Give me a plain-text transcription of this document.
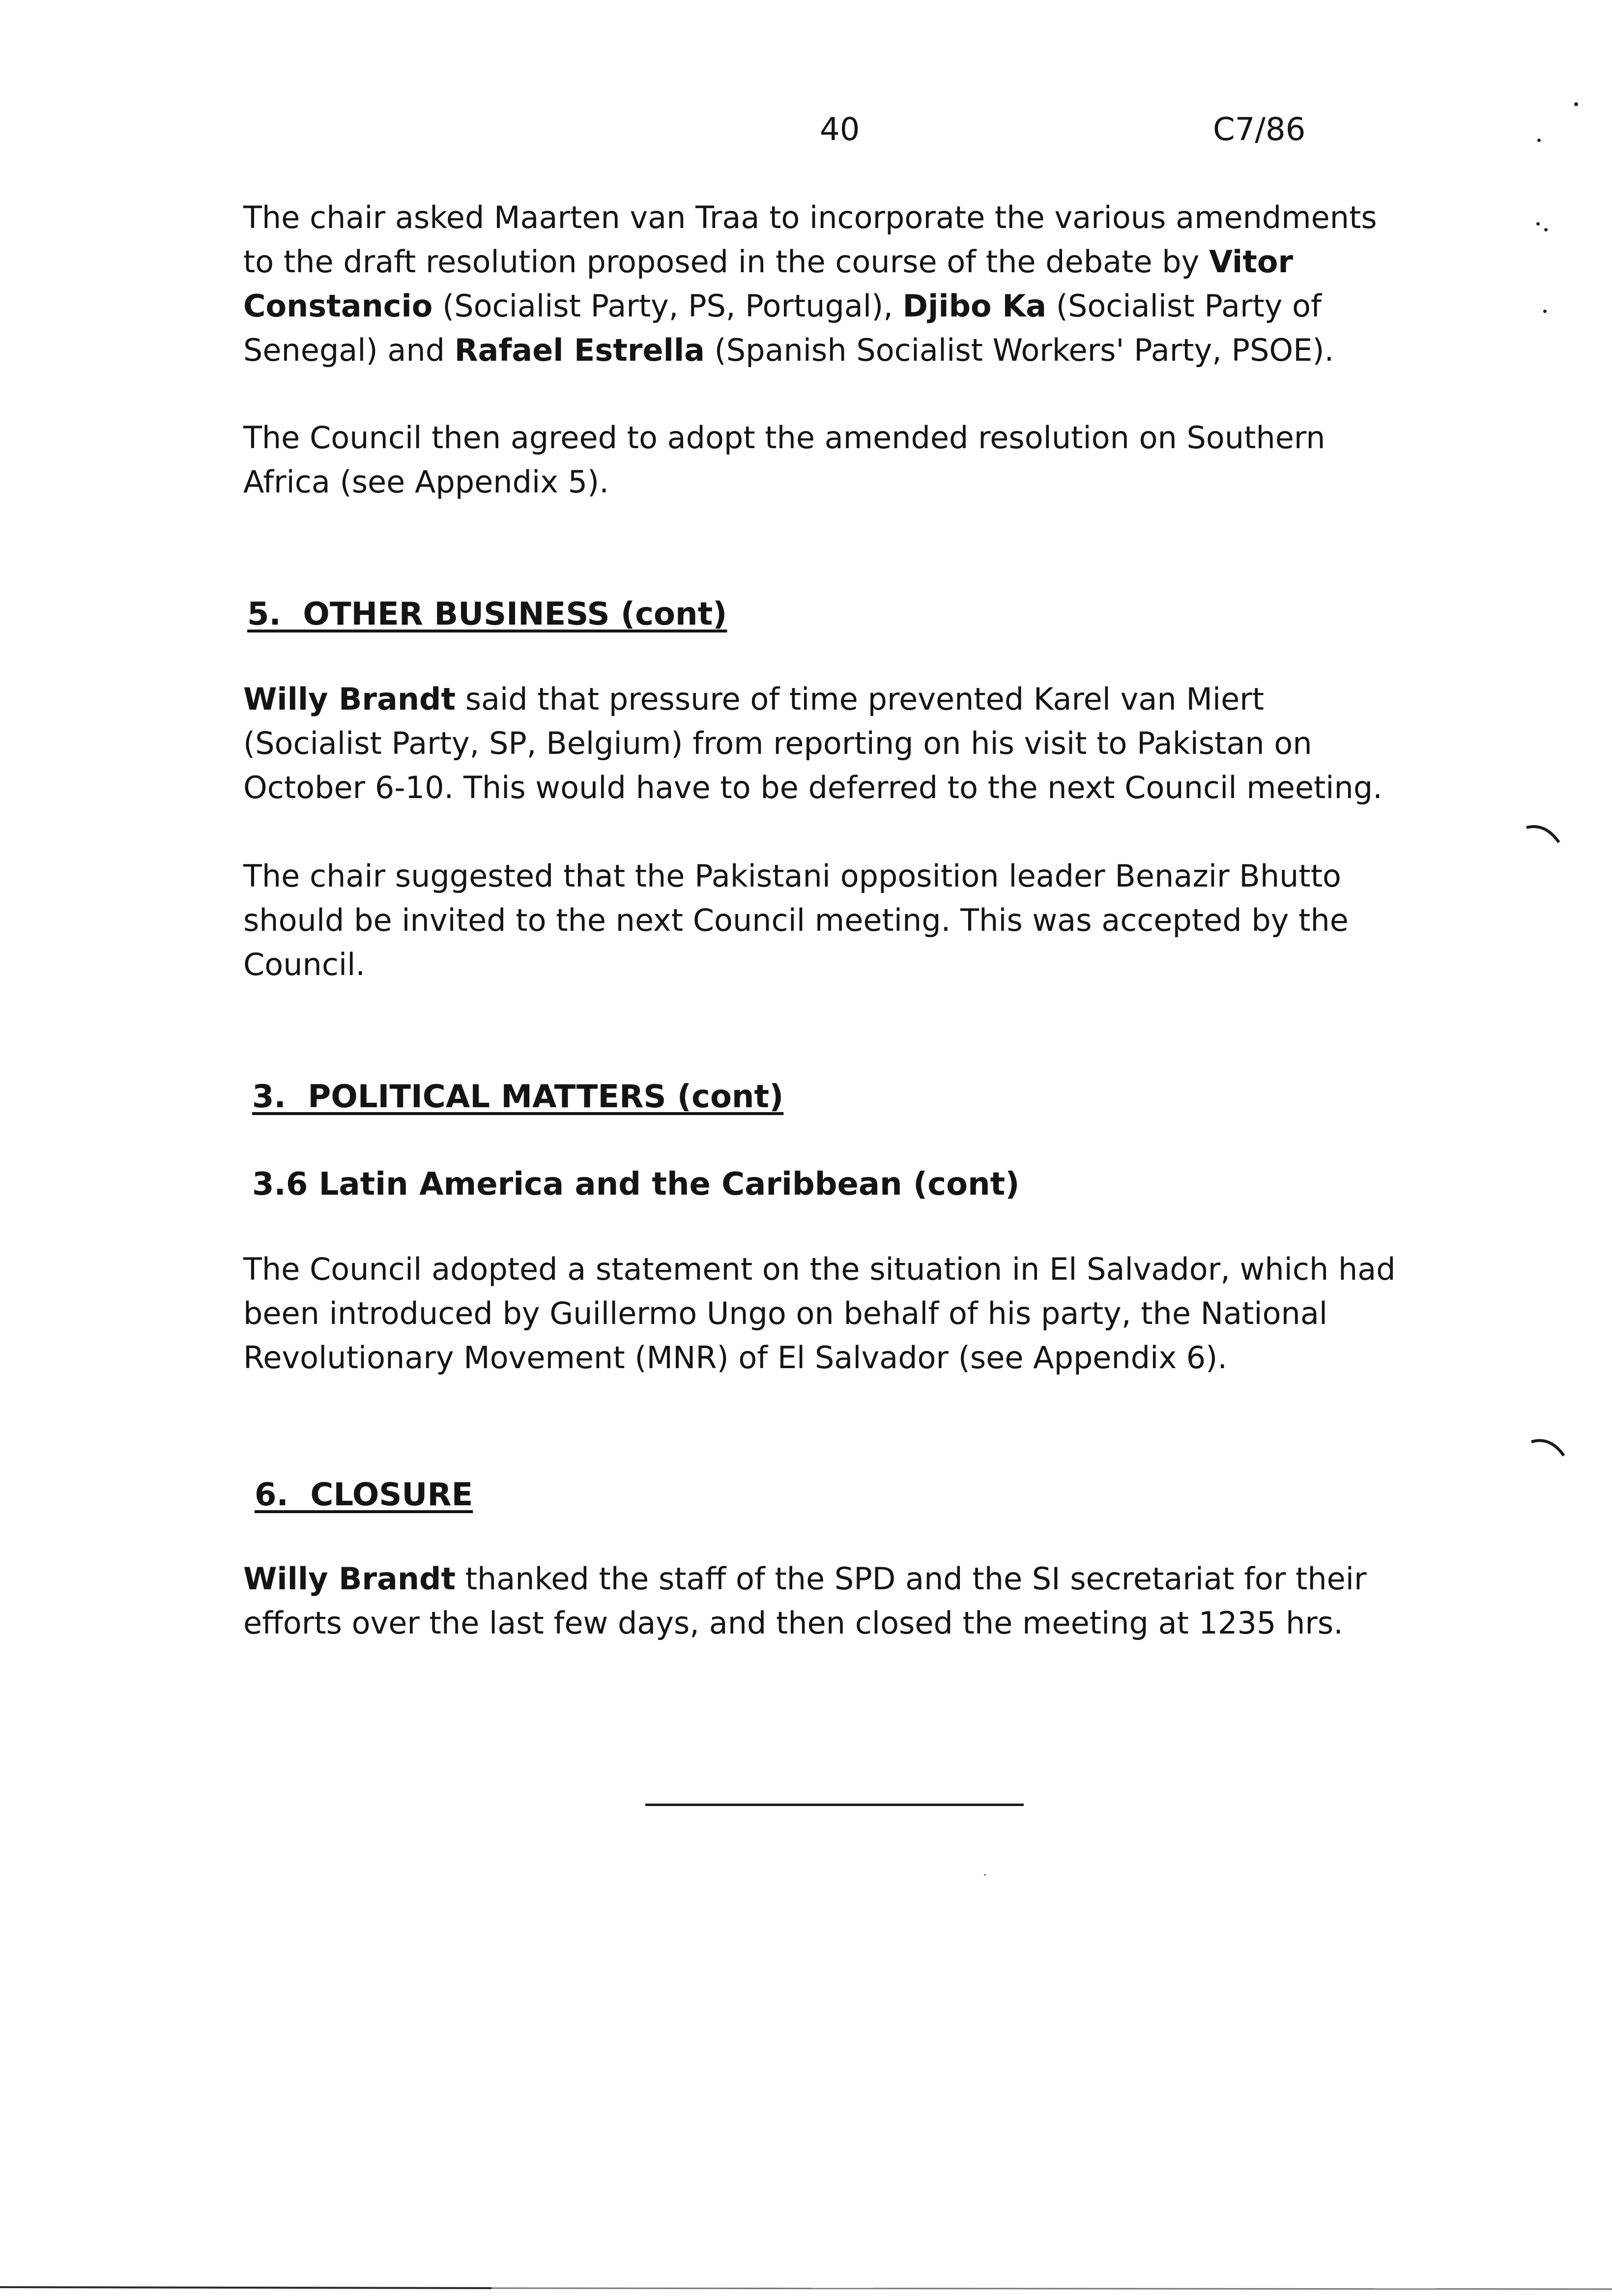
40	C7/86
The chair asked Maarten van Traa to incorporate the various amendments
to the draft resolution proposed in the course of the debate by Vitor
Constancio (Socialist Party, PS, Portugal), Djibo Ka (Socialist Party of
Senegal) and Rafael Estrella (Spanish Socialist Workers' Party, PSOE).
The Council then agreed to adopt the amended resolution on Southern
Africa (see Appendix 5).
5.  OTHER BUSINESS (cont)
Willy Brandt said that pressure of time prevented Karel van Miert
(Socialist Party, SP, Belgium) from reporting on his visit to Pakistan on
October 6-10. This would have to be deferred to the next Council meeting.
The chair suggested that the Pakistani opposition leader Benazir Bhutto
should be invited to the next Council meeting. This was accepted by the
Council.
3.  POLITICAL MATTERS (cont)
3.6 Latin America and the Caribbean (cont)
The Council adopted a statement on the situation in El Salvador, which had
been introduced by Guillermo Ungo on behalf of his party, the National
Revolutionary Movement (MNR) of El Salvador (see Appendix 6).
6.  CLOSURE
Willy Brandt thanked the staff of the SPD and the SI secretariat for their
efforts over the last few days, and then closed the meeting at 1235 hrs.
